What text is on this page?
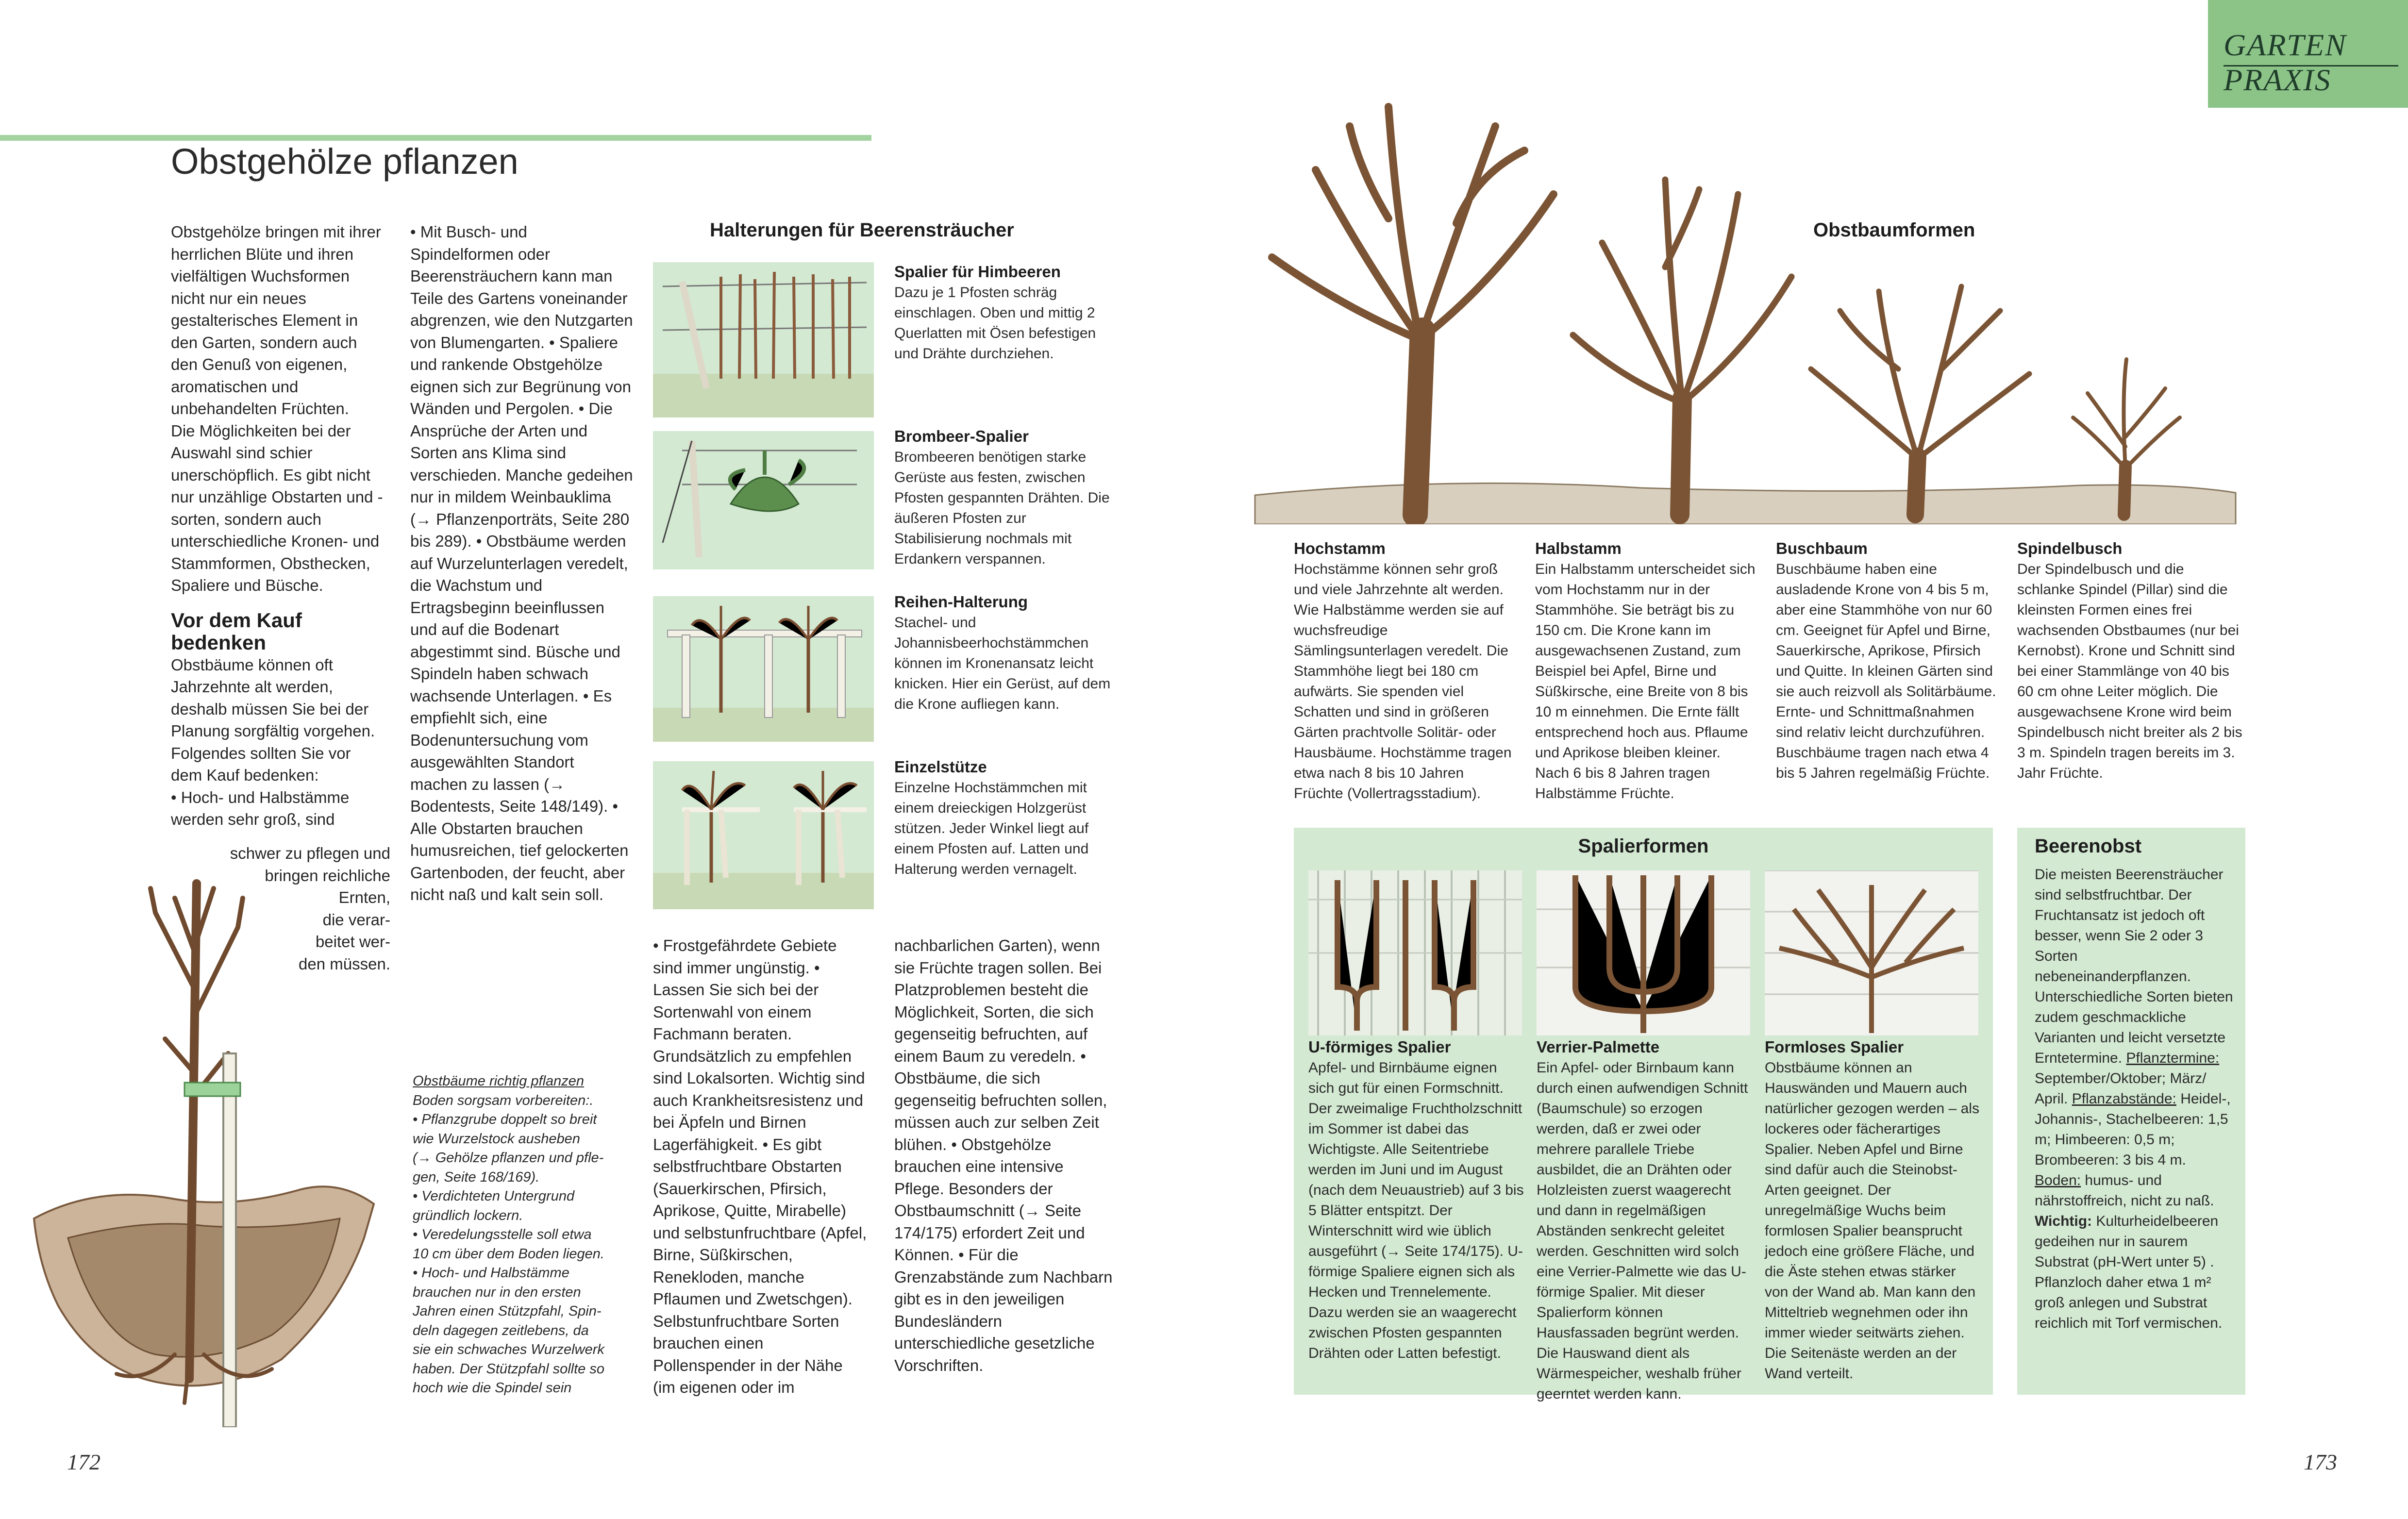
GARTEN
PRAXIS
Obstgehölze pflanzen

Obstgehölze bringen mit ihrer herrlichen Blüte und ihren vielfältigen Wuchsformen nicht nur ein neues gestalterisches Element in den Garten, sondern auch den Genuß von eigenen, aromatischen und unbehandelten Früchten.

Die Möglichkeiten bei der Auswahl sind schier unerschöpflich. Es gibt nicht nur unzählige Obstarten und -sorten, sondern auch unterschiedliche Kronen- und Stammformen, Obsthecken, Spaliere und Büsche.

Vor dem Kauf bedenken

Obstbäume können oft Jahrzehnte alt werden, deshalb müssen Sie bei der Planung sorgfältig vorgehen. Folgendes sollten Sie vor dem Kauf bedenken:

• Hoch- und Halbstämme werden sehr groß, sind

schwer zu pflegen und
bringen reichliche
Ernten,
die verar-
beitet wer-
den müssen.

• Mit Busch- und Spindelformen oder Beerensträuchern kann man Teile des Gartens voneinander abgrenzen, wie den Nutzgarten von Blumengarten. • Spaliere und rankende Obstgehölze eignen sich zur Begrünung von Wänden und Pergolen. • Die Ansprüche der Arten und Sorten ans Klima sind verschieden. Manche gedeihen nur in mildem Weinbauklima (→ Pflanzenporträts, Seite 280 bis 289). • Obstbäume werden auf Wurzelunterlagen veredelt, die Wachstum und Ertragsbeginn beeinflussen und auf die Bodenart abgestimmt sind. Büsche und Spindeln haben schwach wachsende Unterlagen. • Es empfiehlt sich, eine Bodenuntersuchung vom ausgewählten Standort machen zu lassen (→ Bodentests, Seite 148/149). • Alle Obstarten brauchen humusreichen, tief gelockerten Gartenboden, der feucht, aber nicht naß und kalt sein soll.

Obstbäume richtig pflanzen
Boden sorgsam vorbereiten:.
• Pflanzgrube doppelt so breit
wie Wurzelstock ausheben
(→ Gehölze pflanzen und pfle-
gen, Seite 168/169).
• Verdichteten Untergrund
gründlich lockern.
• Veredelungsstelle soll etwa
10 cm über dem Boden liegen.
• Hoch- und Halbstämme
brauchen nur in den ersten
Jahren einen Stützpfahl, Spin-
deln dagegen zeitlebens, da
sie ein schwaches Wurzelwerk
haben. Der Stützpfahl sollte so
hoch wie die Spindel sein
Halterungen für Beerensträucher
Spalier für Himbeeren
Dazu je 1 Pfosten schräg einschlagen. Oben und mittig 2 Querlatten mit Ösen befestigen und Drähte durchziehen.
Brombeer-Spalier
Brombeeren benötigen starke Gerüste aus festen, zwischen Pfosten gespannten Drähten. Die äußeren Pfosten zur Stabilisierung nochmals mit Erdankern verspannen.
Reihen-Halterung
Stachel- und Johannisbeerhochstämmchen können im Kronenansatz leicht knicken. Hier ein Gerüst, auf dem die Krone aufliegen kann.
Einzelstütze
Einzelne Hochstämmchen mit einem dreieckigen Holzgerüst stützen. Jeder Winkel liegt auf einem Pfosten auf. Latten und Halterung werden vernagelt.

• Frostgefährdete Gebiete sind immer ungünstig. • Lassen Sie sich bei der Sortenwahl von einem Fachmann beraten. Grundsätzlich zu empfehlen sind Lokalsorten. Wichtig sind auch Krankheitsresistenz und bei Äpfeln und Birnen Lagerfähigkeit. • Es gibt selbstfruchtbare Obstarten (Sauerkirschen, Pfirsich, Aprikose, Quitte, Mirabelle) und selbstunfruchtbare (Apfel, Birne, Süßkirschen, Renekloden, manche Pflaumen und Zwetschgen). Selbstunfruchtbare Sorten brauchen einen Pollenspender in der Nähe (im eigenen oder im

nachbarlichen Garten), wenn sie Früchte tragen sollen. Bei Platzproblemen besteht die Möglichkeit, Sorten, die sich gegenseitig befruchten, auf einem Baum zu veredeln. • Obstbäume, die sich gegenseitig befruchten sollen, müssen auch zur selben Zeit blühen. • Obstgehölze brauchen eine intensive Pflege. Besonders der Obstbaumschnitt (→ Seite 174/175) erfordert Zeit und Können. • Für die Grenzabstände zum Nachbarn gibt es in den jeweiligen Bundesländern unterschiedliche gesetzliche Vorschriften.

Obstbaumformen
Hochstamm
Hochstämme können sehr groß und viele Jahrzehnte alt werden. Wie Halbstämme werden sie auf wuchsfreudige Sämlingsunterlagen veredelt. Die Stammhöhe liegt bei 180 cm aufwärts. Sie spenden viel Schatten und sind in größeren Gärten prachtvolle Solitär- oder Hausbäume. Hochstämme tragen etwa nach 8 bis 10 Jahren Früchte (Vollertragsstadium).
Halbstamm
Ein Halbstamm unterscheidet sich vom Hochstamm nur in der Stammhöhe. Sie beträgt bis zu 150 cm. Die Krone kann im ausgewachsenen Zustand, zum Beispiel bei Apfel, Birne und Süßkirsche, eine Breite von 8 bis 10 m einnehmen. Die Ernte fällt entsprechend hoch aus. Pflaume und Aprikose bleiben kleiner. Nach 6 bis 8 Jahren tragen Halbstämme Früchte.
Buschbaum
Buschbäume haben eine ausladende Krone von 4 bis 5 m, aber eine Stammhöhe von nur 60 cm. Geeignet für Apfel und Birne, Sauerkirsche, Aprikose, Pfirsich und Quitte. In kleinen Gärten sind sie auch reizvoll als Solitärbäume. Ernte- und Schnittmaßnahmen sind relativ leicht durchzuführen. Buschbäume tragen nach etwa 4 bis 5 Jahren regelmäßig Früchte.
Spindelbusch
Der Spindelbusch und die schlanke Spindel (Pillar) sind die kleinsten Formen eines frei wachsenden Obstbaumes (nur bei Kernobst). Krone und Schnitt sind bei einer Stammlänge von 40 bis 60 cm ohne Leiter möglich. Die ausgewachsene Krone wird beim Spindelbusch nicht breiter als 2 bis 3 m. Spindeln tragen bereits im 3. Jahr Früchte.
Spalierformen
U-förmiges Spalier
Apfel- und Birnbäume eignen sich gut für einen Formschnitt. Der zweimalige Fruchtholzschnitt im Sommer ist dabei das Wichtigste. Alle Seitentriebe werden im Juni und im August (nach dem Neuaustrieb) auf 3 bis 5 Blätter entspitzt. Der Winterschnitt wird wie üblich ausgeführt (→ Seite 174/175). U-förmige Spaliere eignen sich als Hecken und Trennelemente. Dazu werden sie an waagerecht zwischen Pfosten gespannten Drähten oder Latten befestigt.
Verrier-Palmette
Ein Apfel- oder Birnbaum kann durch einen aufwendigen Schnitt (Baumschule) so erzogen werden, daß er zwei oder mehrere parallele Triebe ausbildet, die an Drähten oder Holzleisten zuerst waagerecht und dann in regelmäßigen Abständen senkrecht geleitet werden. Geschnitten wird solch eine Verrier-Palmette wie das U-förmige Spalier. Mit dieser Spalierform können Hausfassaden begrünt werden. Die Hauswand dient als Wärmespeicher, weshalb früher geerntet werden kann.
Formloses Spalier
Obstbäume können an Hauswänden und Mauern auch natürlicher gezogen werden – als lockeres oder fächerartiges Spalier. Neben Apfel und Birne sind dafür auch die Steinobst-Arten geeignet. Der unregelmäßige Wuchs beim formlosen Spalier beansprucht jedoch eine größere Fläche, und die Äste stehen etwas stärker von der Wand ab. Man kann den Mitteltrieb wegnehmen oder ihn immer wieder seitwärts ziehen. Die Seitenäste werden an der Wand verteilt.
Beerenobst
Die meisten Beerensträucher sind selbstfruchtbar. Der Fruchtansatz ist jedoch oft besser, wenn Sie 2 oder 3 Sorten nebeneinanderpflanzen. Unterschiedliche Sorten bieten zudem geschmackliche Varianten und leicht versetzte Erntetermine. Pflanztermine: September/Oktober; März/ April. Pflanzabstände: Heidel-, Johannis-, Stachelbeeren: 1,5 m; Himbeeren: 0,5 m; Brombeeren: 3 bis 4 m. Boden: humus- und nährstoffreich, nicht zu naß. Wichtig: Kulturheidelbeeren gedeihen nur in saurem Substrat (pH-Wert unter 5) . Pflanzloch daher etwa 1 m² groß anlegen und Substrat reichlich mit Torf vermischen.
172	173
